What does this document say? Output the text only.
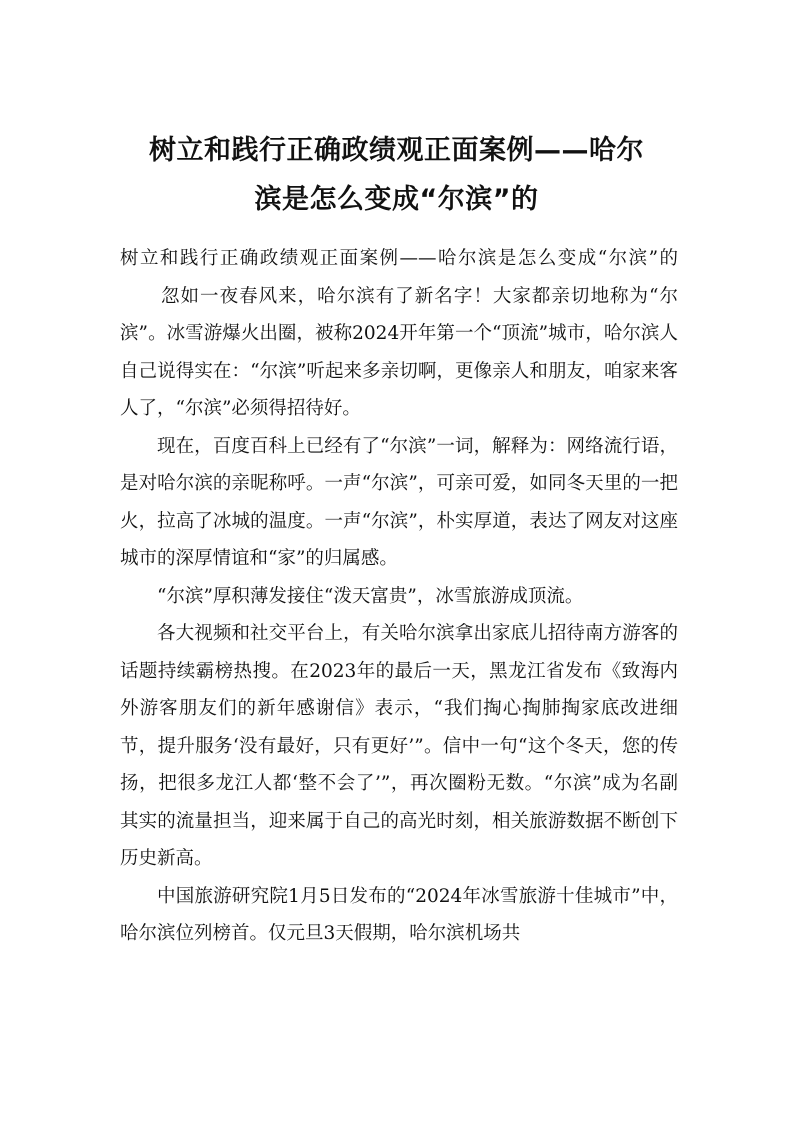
树立和践行正确政绩观正面案例——哈尔
滨是怎么变成“尔滨”的

树立和践行正确政绩观正面案例——哈尔滨是怎么变成“尔滨”的忽如一夜春风来，哈尔滨有了新名字！大家都亲切地称为“尔滨”。冰雪游爆火出圈，被称2024开年第一个“顶流”城市，哈尔滨人自己说得实在：“尔滨”听起来多亲切啊，更像亲人和朋友，咱家来客人了，“尔滨”必须得招待好。

现在，百度百科上已经有了“尔滨”一词，解释为：网络流行语，是对哈尔滨的亲昵称呼。一声“尔滨”，可亲可爱，如同冬天里的一把火，拉高了冰城的温度。一声“尔滨”，朴实厚道，表达了网友对这座城市的深厚情谊和“家”的归属感。

“尔滨”厚积薄发接住“泼天富贵”，冰雪旅游成顶流。

各大视频和社交平台上，有关哈尔滨拿出家底儿招待南方游客的话题持续霸榜热搜。在2023年的最后一天，黑龙江省发布《致海内外游客朋友们的新年感谢信》表示，“我们掏心掏肺掏家底改进细节，提升服务‘没有最好，只有更好’”。信中一句“这个冬天，您的传扬，把很多龙江人都‘整不会了’”，再次圈粉无数。“尔滨”成为名副其实的流量担当，迎来属于自己的高光时刻，相关旅游数据不断创下历史新高。

中国旅游研究院1月5日发布的“2024年冰雪旅游十佳城市”中，哈尔滨位列榜首。仅元旦3天假期，哈尔滨机场共
